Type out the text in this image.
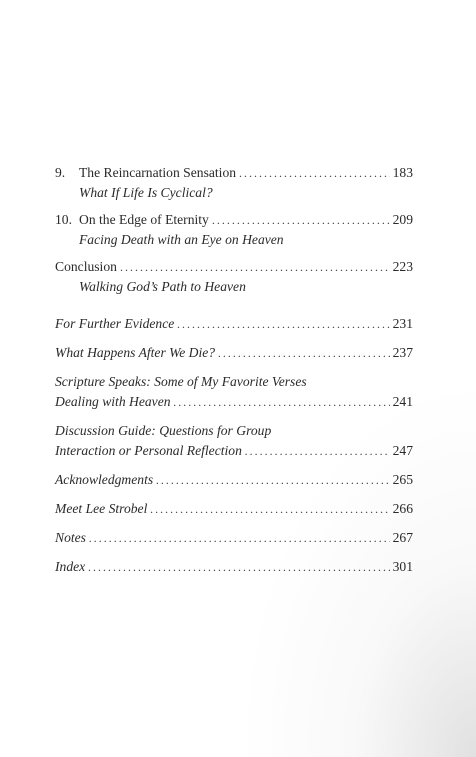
9. The Reincarnation Sensation . . .	183
What If Life Is Cyclical?
10. On the Edge of Eternity . . .	209
Facing Death with an Eye on Heaven
Conclusion . . .	223
Walking God’s Path to Heaven
For Further Evidence . . .	231
What Happens After We Die? . . .	237
Scripture Speaks: Some of My Favorite Verses
Dealing with Heaven . . .	241
Discussion Guide: Questions for Group
Interaction or Personal Reflection . . .	247
Acknowledgments . . .	265
Meet Lee Strobel . . .	266
Notes . . .	267
Index . . .	301
